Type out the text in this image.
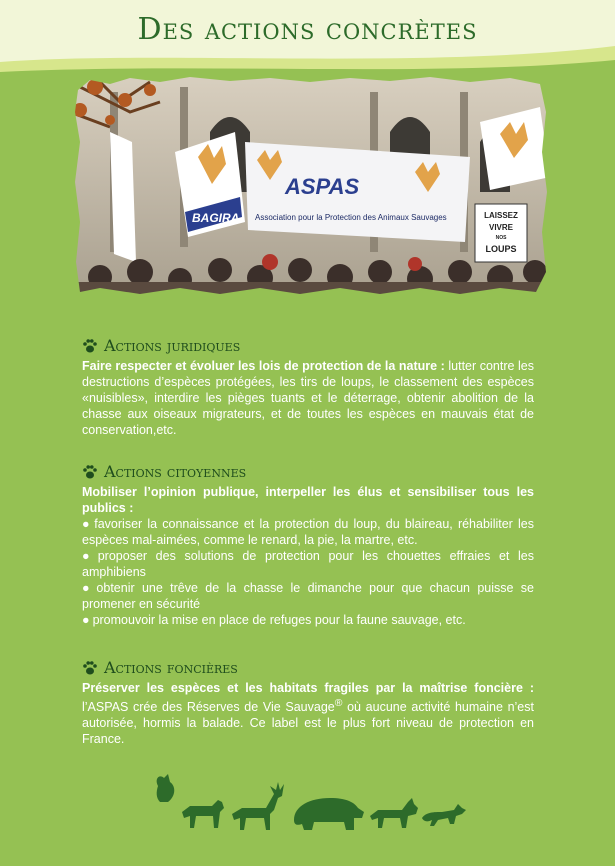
Des actions concrètes
ASPAS
Association pour la Protection des Animaux Sauvages
BAGIRA	LAISSEZ
VIVRE
NOS
LOUPS
Actions juridiques
Faire respecter et évoluer les lois de protection de la nature : lutter contre les destructions d’espèces protégées, les tirs de loups, le classement des espèces «nuisibles», interdire les pièges tuants et le déterrage, obtenir abolition de la chasse aux oiseaux migrateurs, et de toutes les espèces en mauvais état de conservation,etc.
Actions citoyennes
Mobiliser l’opinion publique, interpeller les élus et sensibiliser tous les publics :
● favoriser la connaissance et la protection du loup, du blaireau, réhabiliter les espèces mal-aimées, comme le renard, la pie, la martre, etc.
● proposer des solutions de protection pour les chouettes effraies et les amphibiens
● obtenir une trêve de la chasse le dimanche pour que chacun puisse se promener en sécurité
● promouvoir la mise en place de refuges pour la faune sauvage, etc.
Actions foncières
Préserver les espèces et les habitats fragiles par la maîtrise foncière : l’ASPAS crée des Réserves de Vie Sauvage® où aucune activité humaine n’est autorisée, hormis la balade. Ce label est le plus fort niveau de protection en France.
